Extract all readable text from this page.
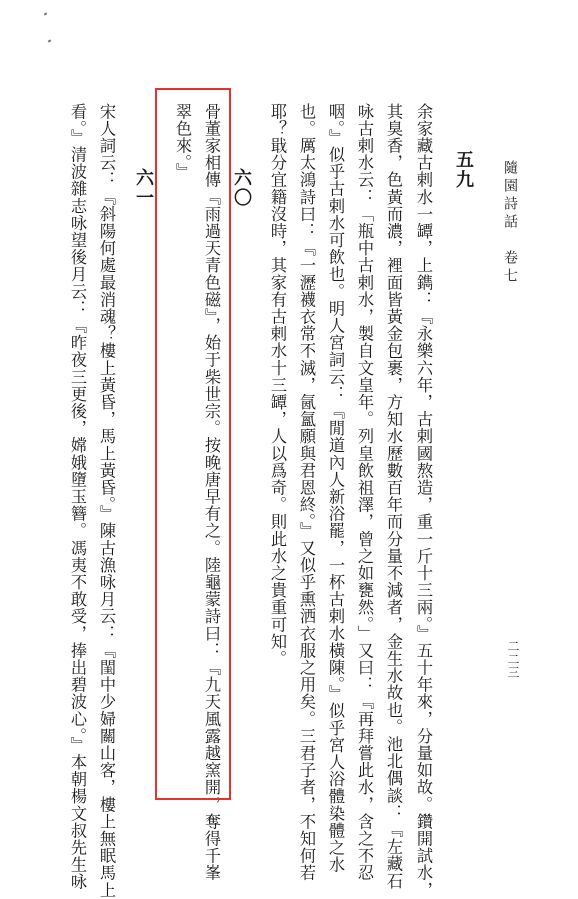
隨園詩話　卷七
二二三
五九
余家藏古剌水一罈，上鐫：『永樂六年，古剌國熬造，重一斤十三兩。』五十年來，分量如故。鑽開試水，
其臭香，色黃而濃，裡面皆黃金包裹，方知水歷數百年而分量不減者，金生水故也。池北偶談：『左藏石
咏古剌水云：「瓶中古剌水，製自文皇年。列皇飲祖澤，曾之如甕然。」又曰：『再拜嘗此水，含之不忍
咽。』似乎古剌水可飲也。明人宮詞云：『閒道內人新浴罷，一杯古剌水橫陳。』似乎宮人浴體染體之水
也。厲太鴻詩曰：『一瀝襪衣常不滅，氤氳願與君恩終。』又似乎熏洒衣服之用矣。三君子者，不知何若
耶？戢分宜籍沒時，其家有古剌水十三罈，人以爲奇。則此水之貴重可知。
六〇
骨董家相傳『雨過天青色磁』，始于柴世宗。按晚唐早有之。陸龜蒙詩曰：『九天風露越窯開，奪得千峯
翠色來。』
六一
宋人詞云：『斜陽何處最消魂？樓上黃昏，馬上黃昏。』陳古漁咏月云：『閨中少婦關山客，樓上無眠馬上
看。』清波雜志咏望後月云：『昨夜三更後，嫦娥墮玉簪。馮夷不敢受，捧出碧波心。』本朝楊文叔先生咏
